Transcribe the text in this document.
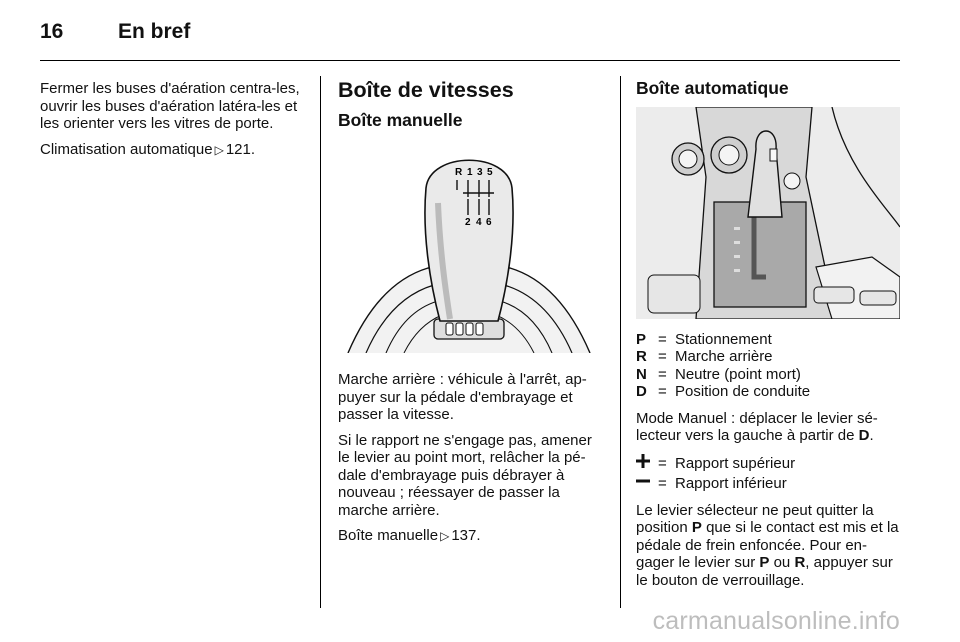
16	En bref

Fermer les buses d'aération centra-les, ouvrir les buses d'aération latéra-les et les orienter vers les vitres de porte.

Climatisation automatique ▷ 121.

Boîte de vitesses
Boîte manuelle
R 1 3 5
2 4 6

Marche arrière : véhicule à l'arrêt, ap-puyer sur la pédale d'embrayage et passer la vitesse.

Si le rapport ne s'engage pas, amener le levier au point mort, relâcher la pé-dale d'embrayage puis débrayer à nouveau ; réessayer de passer la marche arrière.

Boîte manuelle ▷ 137.

Boîte automatique
P = Stationnement
R = Marche arrière
N = Neutre (point mort)
D = Position de conduite

Mode Manuel : déplacer le levier sé-lecteur vers la gauche à partir de D.

= Rapport supérieur
= Rapport inférieur

Le levier sélecteur ne peut quitter la position P que si le contact est mis et la pédale de frein enfoncée. Pour en-gager le levier sur P ou R, appuyer sur le bouton de verrouillage.

carmanualsonline.info
